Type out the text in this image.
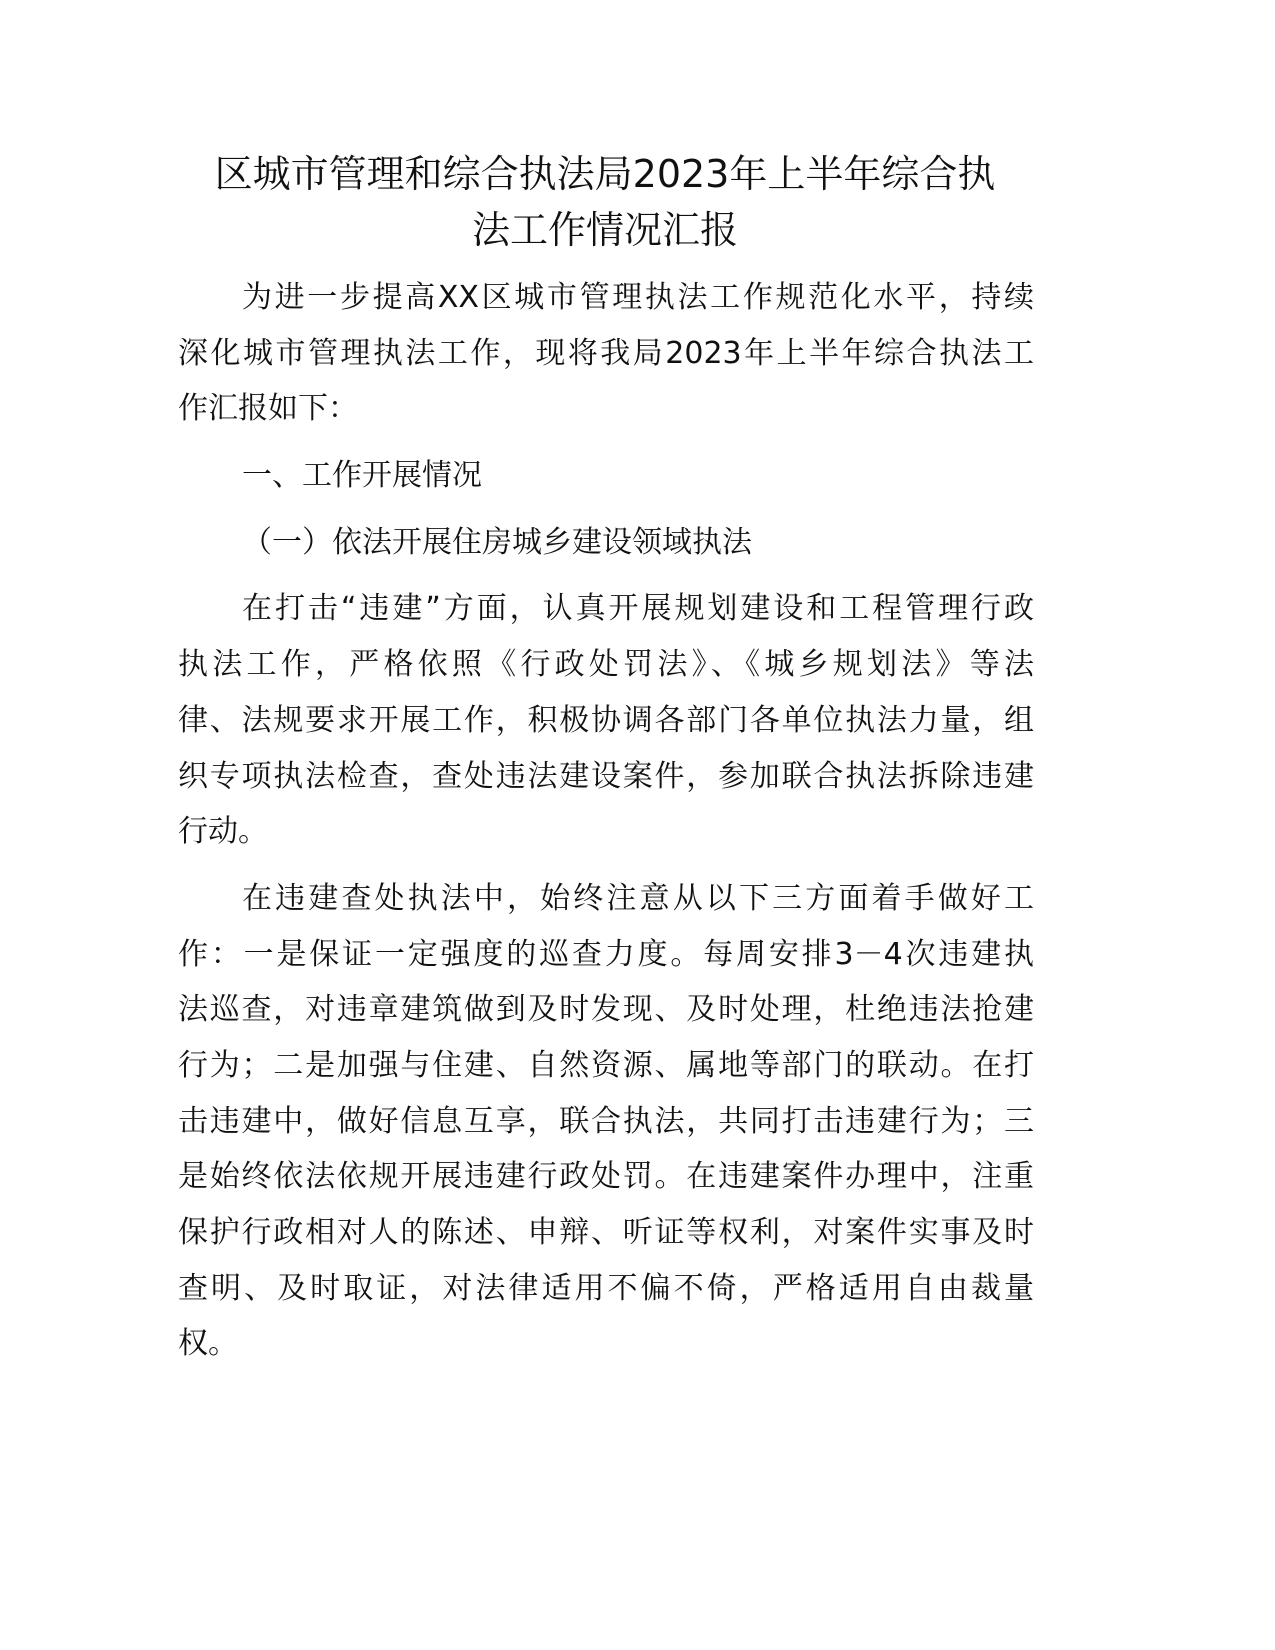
区城市管理和综合执法局2023年上半年综合执
法工作情况汇报
为进一步提高XX区城市管理执法工作规范化水平，持续
深化城市管理执法工作，现将我局2023年上半年综合执法工
作汇报如下：
一、工作开展情况
（一）依法开展住房城乡建设领域执法
在打击“违建”方面，认真开展规划建设和工程管理行政
执法工作，严格依照《行政处罚法》、《城乡规划法》等法
律、法规要求开展工作，积极协调各部门各单位执法力量，组
织专项执法检查，查处违法建设案件，参加联合执法拆除违建
行动。
在违建查处执法中，始终注意从以下三方面着手做好工
作：一是保证一定强度的巡查力度。每周安排3－4次违建执
法巡查，对违章建筑做到及时发现、及时处理，杜绝违法抢建
行为；二是加强与住建、自然资源、属地等部门的联动。在打
击违建中，做好信息互享，联合执法，共同打击违建行为；三
是始终依法依规开展违建行政处罚。在违建案件办理中，注重
保护行政相对人的陈述、申辩、听证等权利，对案件实事及时
查明、及时取证，对法律适用不偏不倚，严格适用自由裁量
权。
